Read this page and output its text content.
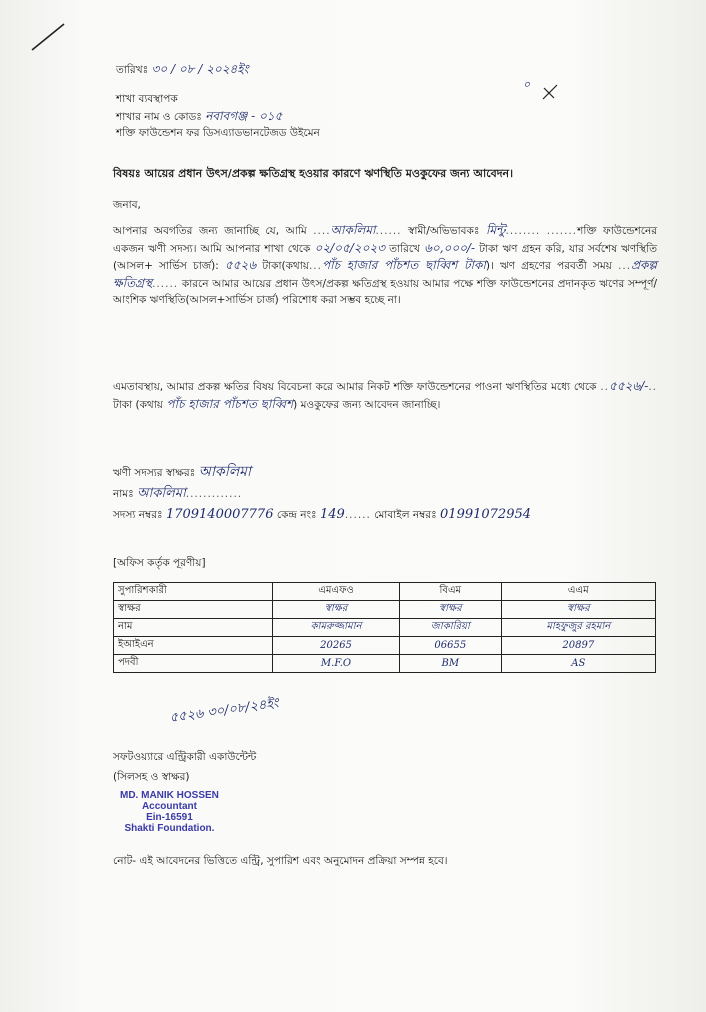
তারিখঃ ৩০ / ০৮ / ২০২৪ইং
০
শাখা ব্যবস্থাপক
শাখার নাম ও কোডঃ নবাবগঞ্জ - ০১৫
শক্তি ফাউন্ডেশন ফর ডিসএ্যাডভানটেজড উইমেন
বিষয়ঃ আয়ের প্রধান উৎস/প্রকল্প ক্ষতিগ্রস্থ হওয়ার কারণে ঋণস্থিতি মওকুফের জন্য আবেদন।
জনাব,
আপনার অবগতির জন্য জানাচ্ছি যে, আমি ....আকলিমা...... স্বামী/অভিভাবকঃ মিন্টু........ .......শক্তি ফাউন্ডেশনের একজন ঋণী সদস্য। আমি আপনার শাখা থেকে ০২/০৫/২০২৩ তারিখে ৬০,০০০/- টাকা ঋণ গ্রহন করি, যার সর্বশেষ ঋণস্থিতি (আসল+ সার্ভিস চার্জ): ৫৫২৬ টাকা(কথায়...পাঁচ হাজার পাঁচশত ছাব্বিশ টাকা)। ঋণ গ্রহণের পরবর্তী সময় ...প্রকল্প ক্ষতিগ্রস্থ...... কারনে আমার আয়ের প্রধান উৎস/প্রকল্প ক্ষতিগ্রস্থ হওয়ায় আমার পক্ষে শক্তি ফাউন্ডেশনের প্রদানকৃত ঋণের সম্পূর্ণ/আংশিক ঋণস্থিতি(আসল+সার্ভিস চার্জ) পরিশোধ করা সম্ভব হচ্ছে না।
এমতাবস্থায়, আমার প্রকল্প ক্ষতির বিষয় বিবেচনা করে আমার নিকট শক্তি ফাউন্ডেশনের পাওনা ঋণস্থিতির মধ্যে থেকে ..৫৫২৬/-.. টাকা (কথায় পাঁচ হাজার পাঁচশত ছাব্বিশ) মওকুফের জন্য আবেদন জানাচ্ছি।
ঋণী সদস্যর স্বাক্ষরঃ আকলিমা
নামঃ আকলিমা.............
সদস্য নম্বরঃ 1709140007776 কেন্দ্র নংঃ 149...... মোবাইল নম্বরঃ 01991072954
[অফিস কর্তৃক পূরণীয়]
সুপারিশকারী	এমএফও	বিএম	এএম
স্বাক্ষর	স্বাক্ষর	স্বাক্ষর	স্বাক্ষর
নাম	কামরুজ্জামান	জাকারিয়া	মাহফুজুর রহমান
ইআইএন	20265	06655	20897
পদবী	M.F.O	BM	AS
৫৫২৬ ৩০/০৮/২৪ইং
সফটওয়্যারে এন্ট্রিকারী একাউন্টেন্ট
(সিলসহ ও স্বাক্ষর)
MD. MANIK HOSSEN
Accountant
Ein-16591
Shakti Foundation.
নোট- এই আবেদনের ভিত্তিতে এন্ট্রি, সুপারিশ এবং অনুমোদন প্রক্রিয়া সম্পন্ন হবে।
